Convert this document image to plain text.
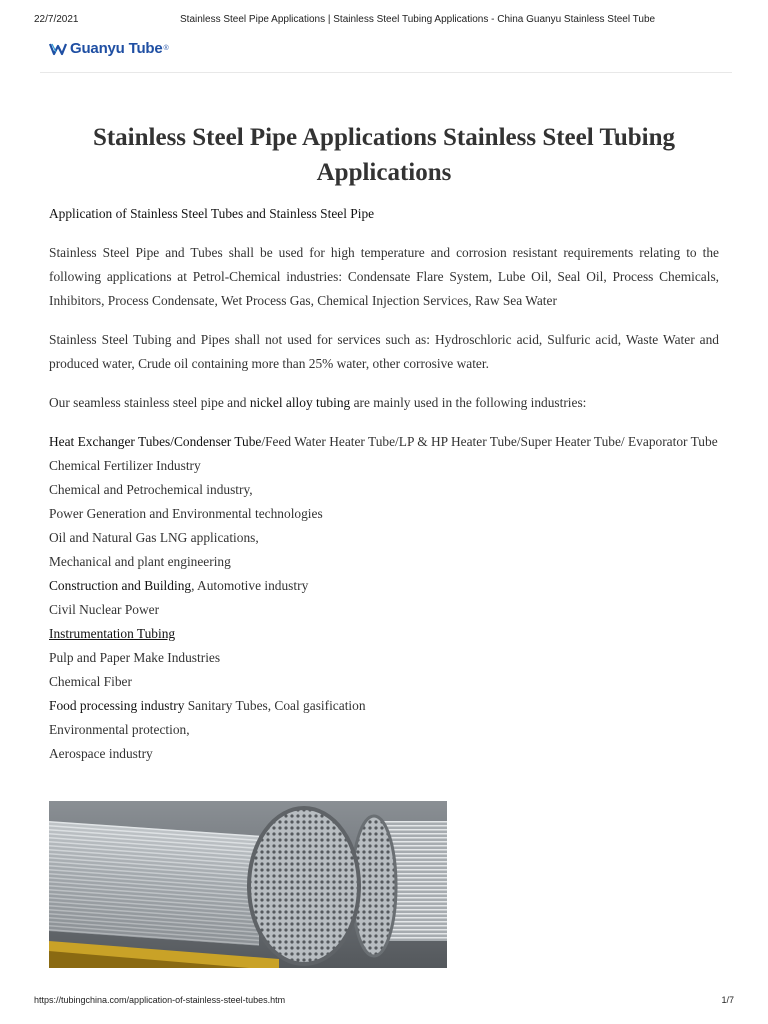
22/7/2021	Stainless Steel Pipe Applications | Stainless Steel Tubing Applications - China Guanyu Stainless Steel Tube
Guanyu Tube ®
Stainless Steel Pipe Applications Stainless Steel Tubing Applications

Application of Stainless Steel Tubes and Stainless Steel Pipe

Stainless Steel Pipe and Tubes shall be used for high temperature and corrosion resistant requirements relating to the following applications at Petrol-Chemical industries: Condensate Flare System, Lube Oil, Seal Oil, Process Chemicals, Inhibitors, Process Condensate, Wet Process Gas, Chemical Injection Services, Raw Sea Water

Stainless Steel Tubing and Pipes shall not used for services such as: Hydroschloric acid, Sulfuric acid, Waste Water and produced water, Crude oil containing more than 25% water, other corrosive water.

Our seamless stainless steel pipe and nickel alloy tubing are mainly used in the following industries:

Heat Exchanger Tubes/Condenser Tube/Feed Water Heater Tube/LP & HP Heater Tube/Super Heater Tube/ Evaporator Tube

Chemical Fertilizer Industry
Chemical and Petrochemical industry,
Power Generation and Environmental technologies
Oil and Natural Gas LNG applications,
Mechanical and plant engineering
Construction and Building, Automotive industry
Civil Nuclear Power
Instrumentation Tubing
Pulp and Paper Make Industries
Chemical Fiber
Food processing industry Sanitary Tubes, Coal gasification
Environmental protection,
Aerospace industry
https://tubingchina.com/application-of-stainless-steel-tubes.htm	1/7
